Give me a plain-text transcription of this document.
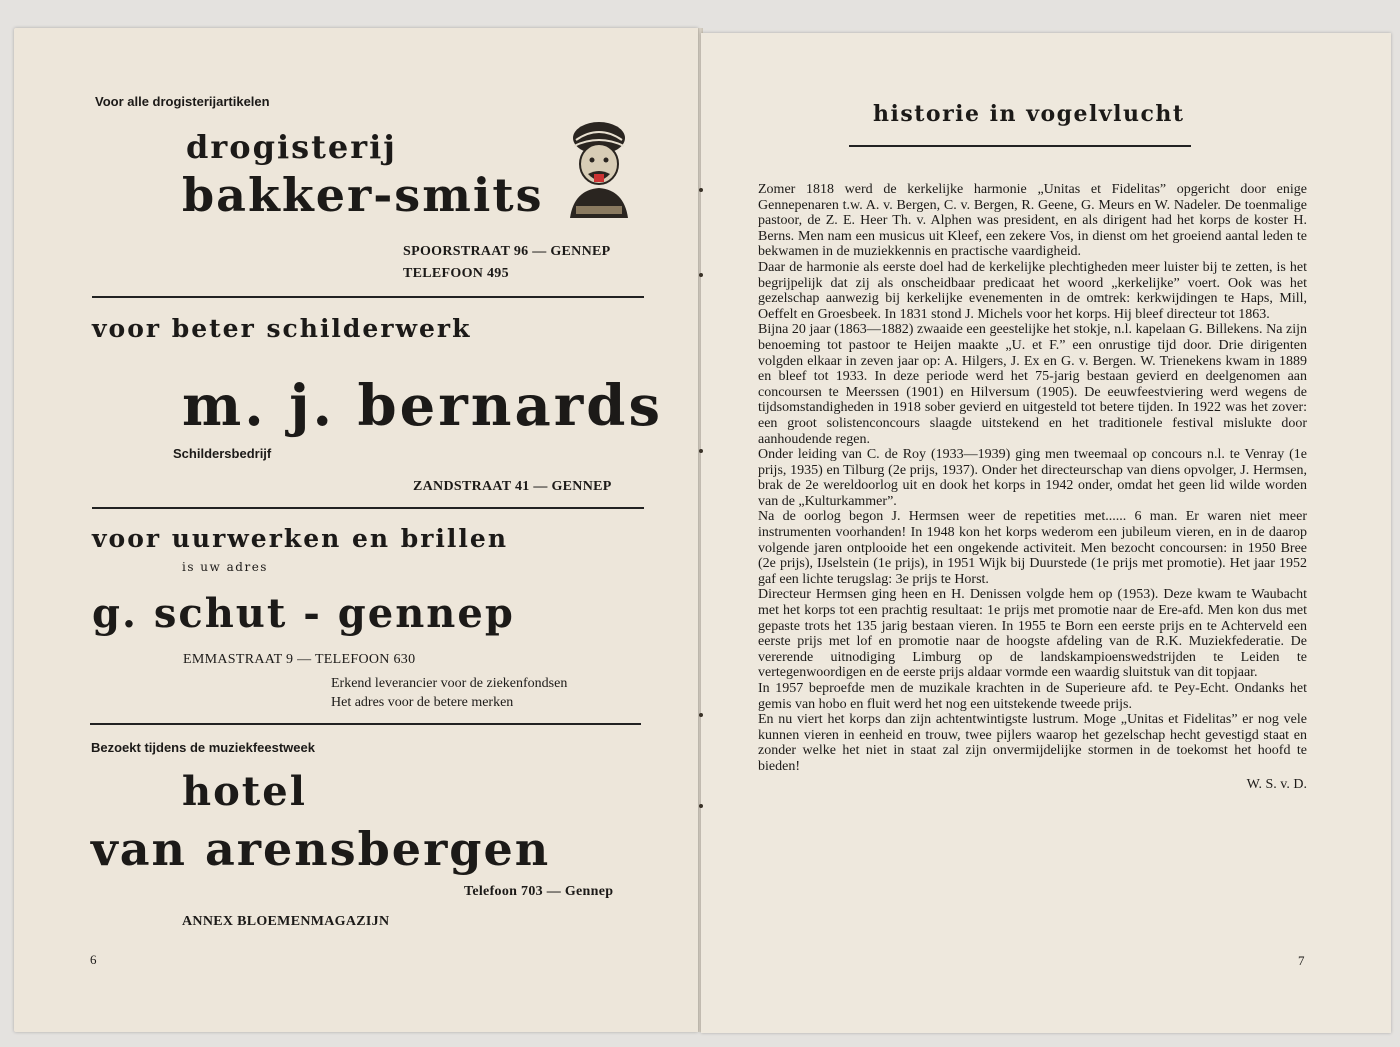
Voor alle drogisterijartikelen
drogisterij
bakker-smits
SPOORSTRAAT 96 — GENNEP
TELEFOON 495
voor beter schilderwerk
m. j. bernards
Schildersbedrijf
ZANDSTRAAT 41 — GENNEP
voor uurwerken en brillen
is uw adres
g. schut - gennep
EMMASTRAAT 9 — TELEFOON 630
Erkend leverancier voor de ziekenfondsen
Het adres voor de betere merken
Bezoekt tijdens de muziekfeestweek
hotel
van arensbergen
Telefoon 703 — Gennep
ANNEX BLOEMENMAGAZIJN
6
historie in vogelvlucht

Zomer 1818 werd de kerkelijke harmonie „Unitas et Fidelitas” opgericht door enige Gennepenaren t.w. A. v. Bergen, C. v. Bergen, R. Geene, G. Meurs en W. Nadeler. De toenmalige pastoor, de Z. E. Heer Th. v. Alphen was president, en als dirigent had het korps de koster H. Berns. Men nam een musicus uit Kleef, een zekere Vos, in dienst om het groeiend aantal leden te bekwamen in de muziekkennis en practische vaardigheid.

Daar de harmonie als eerste doel had de kerkelijke plechtigheden meer luister bij te zetten, is het begrijpelijk dat zij als onscheidbaar predicaat het woord „kerkelijke” voert. Ook was het gezelschap aanwezig bij kerkelijke evenementen in de omtrek: kerkwijdingen te Haps, Mill, Oeffelt en Groesbeek. In 1831 stond J. Michels voor het korps. Hij bleef directeur tot 1863.

Bijna 20 jaar (1863—1882) zwaaide een geestelijke het stokje, n.l. kapelaan G. Billekens. Na zijn benoeming tot pastoor te Heijen maakte „U. et F.” een onrustige tijd door. Drie dirigenten volgden elkaar in zeven jaar op: A. Hilgers, J. Ex en G. v. Bergen. W. Trienekens kwam in 1889 en bleef tot 1933. In deze periode werd het 75-jarig bestaan gevierd en deelgenomen aan concoursen te Meerssen (1901) en Hilversum (1905). De eeuwfeestviering werd wegens de tijdsomstandigheden in 1918 sober gevierd en uitgesteld tot betere tijden. In 1922 was het zover: een groot solistenconcours slaagde uitstekend en het traditionele festival mislukte door aanhoudende regen.

Onder leiding van C. de Roy (1933—1939) ging men tweemaal op concours n.l. te Venray (1e prijs, 1935) en Tilburg (2e prijs, 1937). Onder het directeurschap van diens opvolger, J. Hermsen, brak de 2e wereldoorlog uit en dook het korps in 1942 onder, omdat het geen lid wilde worden van de „Kulturkammer”.

Na de oorlog begon J. Hermsen weer de repetities met...... 6 man. Er waren niet meer instrumenten voorhanden! In 1948 kon het korps wederom een jubileum vieren, en in de daarop volgende jaren ontplooide het een ongekende activiteit. Men bezocht concoursen: in 1950 Bree (2e prijs), IJselstein (1e prijs), in 1951 Wijk bij Duurstede (1e prijs met promotie). Het jaar 1952 gaf een lichte terugslag: 3e prijs te Horst.

Directeur Hermsen ging heen en H. Denissen volgde hem op (1953). Deze kwam te Waubacht met het korps tot een prachtig resultaat: 1e prijs met promotie naar de Ere-afd. Men kon dus met gepaste trots het 135 jarig bestaan vieren. In 1955 te Born een eerste prijs en te Achterveld een eerste prijs met lof en promotie naar de hoogste afdeling van de R.K. Muziekfederatie. De vererende uitnodiging Limburg op de landskampioenswedstrijden te Leiden te vertegenwoordigen en de eerste prijs aldaar vormde een waardig sluitstuk van dit topjaar.

In 1957 beproefde men de muzikale krachten in de Superieure afd. te Pey-Echt. Ondanks het gemis van hobo en fluit werd het nog een uitstekende tweede prijs.

En nu viert het korps dan zijn achtentwintigste lustrum. Moge „Unitas et Fidelitas” er nog vele kunnen vieren in eenheid en trouw, twee pijlers waarop het gezelschap hecht gevestigd staat en zonder welke het niet in staat zal zijn onvermijdelijke stormen in de toekomst het hoofd te bieden!

W. S. v. D.

7
